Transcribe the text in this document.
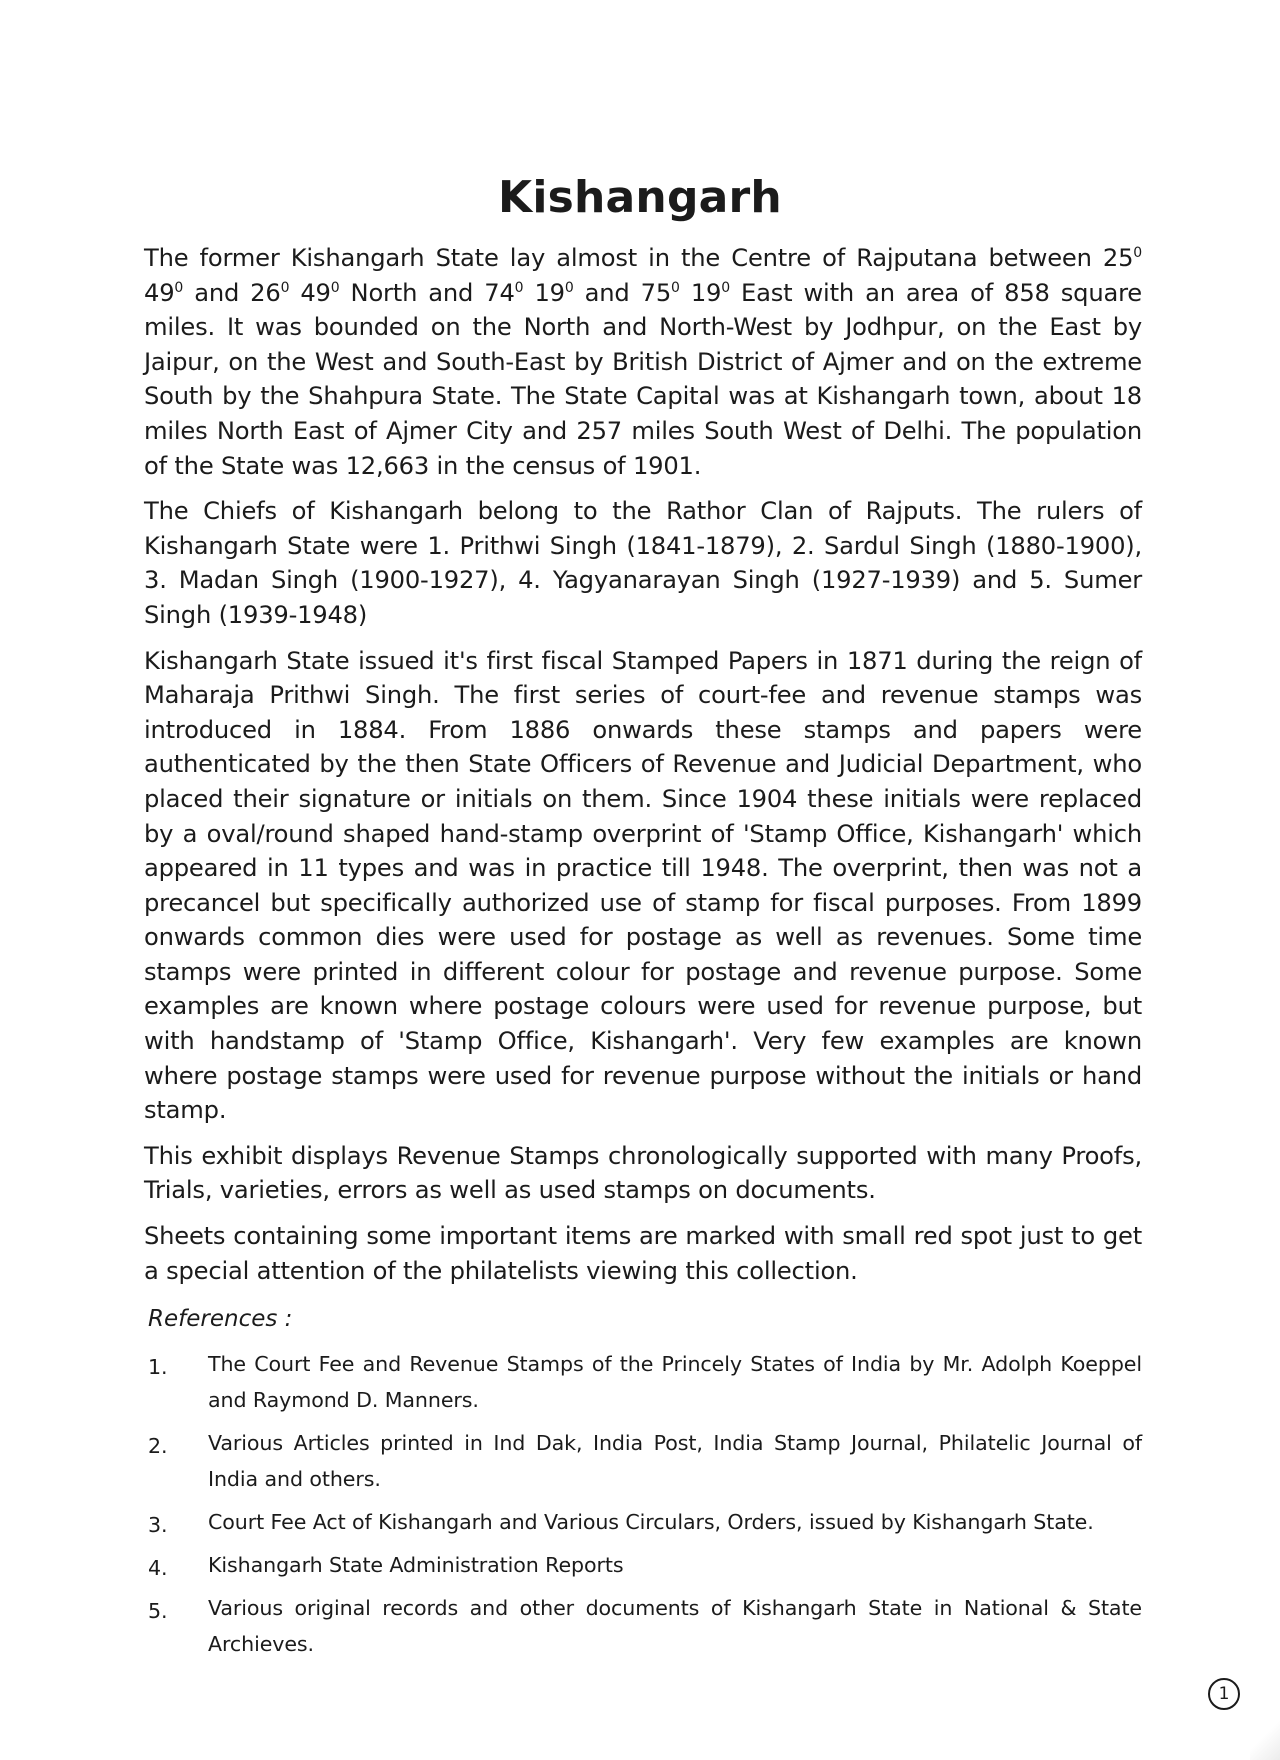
Kishangarh

The former Kishangarh State lay almost in the Centre of Rajputana between $25^0$ $49^0$ and $26^0$ $49^0$ North and $74^0$ $19^0$ and $75^0$ $19^0$ East with an area of 858 square miles. It was bounded on the North and North-West by Jodhpur, on the East by Jaipur, on the West and South-East by British District of Ajmer and on the extreme South by the Shahpura State. The State Capital was at Kishangarh town, about 18 miles North East of Ajmer City and 257 miles South West of Delhi. The population of the State was 12,663 in the census of 1901.

The Chiefs of Kishangarh belong to the Rathor Clan of Rajputs. The rulers of Kishangarh State were 1. Prithwi Singh (1841-1879), 2. Sardul Singh (1880-1900), 3. Madan Singh (1900-1927), 4. Yagyanarayan Singh (1927-1939) and 5. Sumer Singh (1939-1948)

Kishangarh State issued it's first fiscal Stamped Papers in 1871 during the reign of Maharaja Prithwi Singh. The first series of court-fee and revenue stamps was introduced in 1884. From 1886 onwards these stamps and papers were authenticated by the then State Officers of Revenue and Judicial Department, who placed their signature or initials on them. Since 1904 these initials were replaced by a oval/round shaped hand-stamp overprint of 'Stamp Office, Kishangarh' which appeared in 11 types and was in practice till 1948. The overprint, then was not a precancel but specifically authorized use of stamp for fiscal purposes. From 1899 onwards common dies were used for postage as well as revenues. Some time stamps were printed in different colour for postage and revenue purpose. Some examples are known where postage colours were used for revenue purpose, but with handstamp of 'Stamp Office, Kishangarh'. Very few examples are known where postage stamps were used for revenue purpose without the initials or hand stamp.

This exhibit displays Revenue Stamps chronologically supported with many Proofs, Trials, varieties, errors as well as used stamps on documents.

Sheets containing some important items are marked with small red spot just to get a special attention of the philatelists viewing this collection.

References :
1. The Court Fee and Revenue Stamps of the Princely States of India by Mr. Adolph Koeppel and Raymond D. Manners.
2. Various Articles printed in Ind Dak, India Post, India Stamp Journal, Philatelic Journal of India and others.
3. Court Fee Act of Kishangarh and Various Circulars, Orders, issued by Kishangarh State.
4. Kishangarh State Administration Reports
5. Various original records and other documents of Kishangarh State in National & State Archieves.
1
